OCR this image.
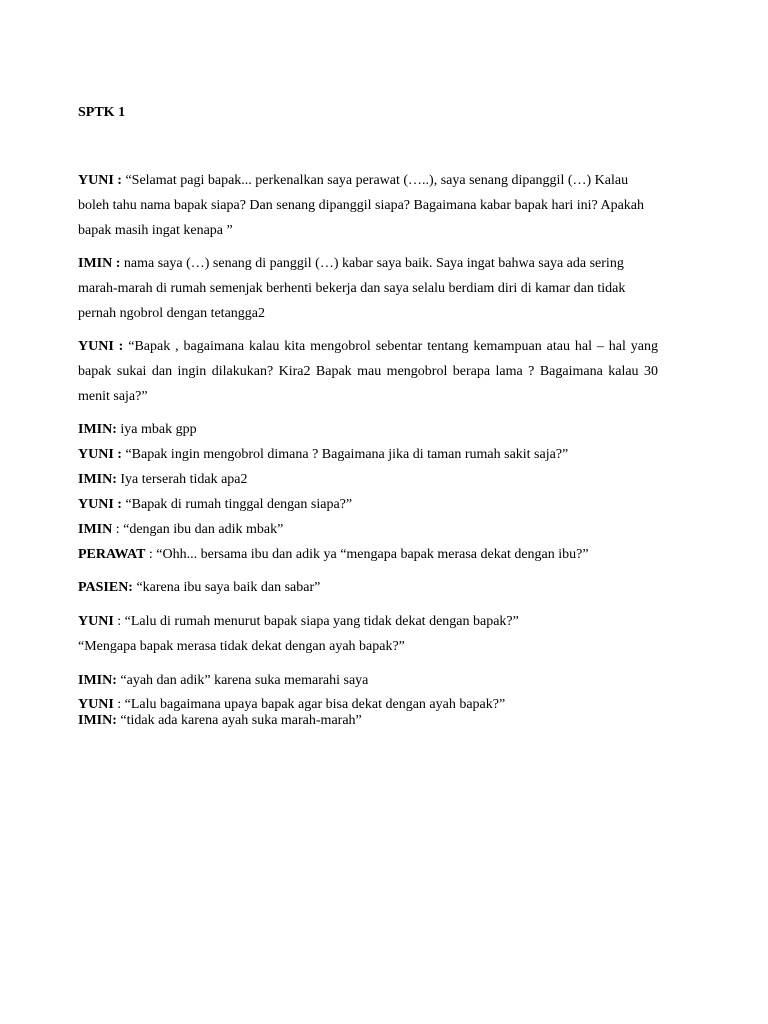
SPTK 1

YUNI : “Selamat pagi bapak... perkenalkan saya perawat (…..), saya senang dipanggil (…) Kalau boleh tahu nama bapak siapa? Dan senang dipanggil siapa? Bagaimana kabar bapak hari ini? Apakah bapak masih ingat kenapa ”

IMIN : nama saya (…) senang di panggil (…) kabar saya baik. Saya ingat bahwa saya ada sering marah-marah di rumah semenjak berhenti bekerja dan saya selalu berdiam diri di kamar dan tidak pernah ngobrol dengan tetangga2

YUNI : “Bapak , bagaimana kalau kita mengobrol sebentar tentang kemampuan atau hal – hal yang bapak sukai dan ingin dilakukan? Kira2 Bapak mau mengobrol berapa lama ? Bagaimana kalau 30 menit saja?”

IMIN: iya mbak gpp

YUNI : “Bapak ingin mengobrol dimana ? Bagaimana jika di taman rumah sakit saja?”

IMIN: Iya terserah tidak apa2

YUNI : “Bapak di rumah tinggal dengan siapa?”

IMIN : “dengan ibu dan adik mbak”

PERAWAT : “Ohh... bersama ibu dan adik ya “mengapa bapak merasa dekat dengan ibu?”

PASIEN: “karena ibu saya baik dan sabar”

YUNI : “Lalu di rumah menurut bapak siapa yang tidak dekat dengan bapak?”

“Mengapa bapak merasa tidak dekat dengan ayah bapak?”

IMIN: “ayah dan adik” karena suka memarahi saya

YUNI : “Lalu bagaimana upaya bapak agar bisa dekat dengan ayah bapak?”

IMIN: “tidak ada karena ayah suka marah-marah”
